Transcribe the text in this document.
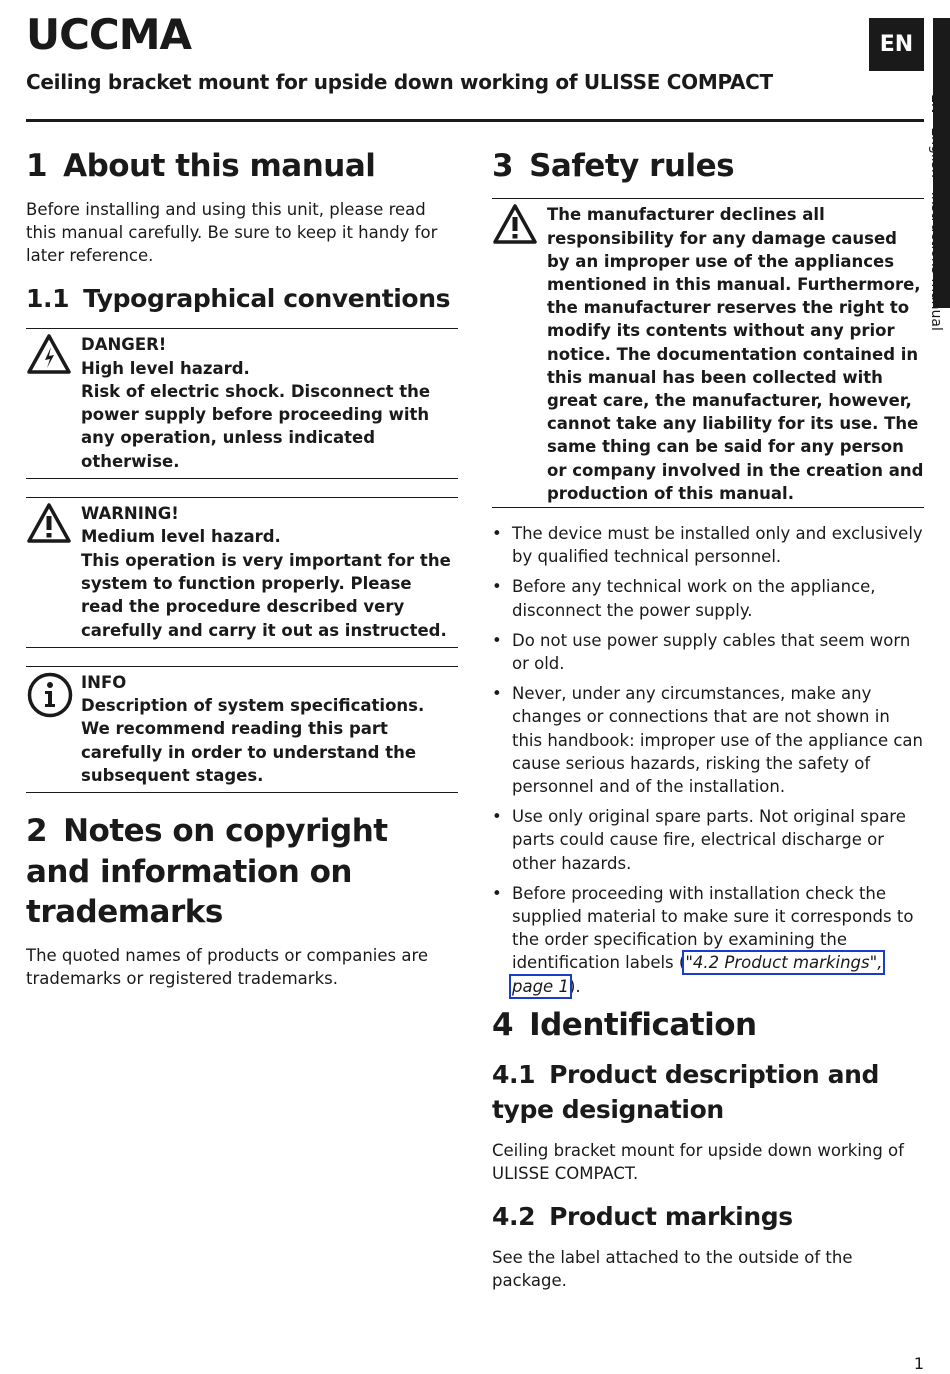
UCCMA
Ceiling bracket mount for upside down working of ULISSE COMPACT
EN
EN - English - Instructions manual
1 About this manual

Before installing and using this unit, please read this manual carefully. Be sure to keep it handy for later reference.

1.1 Typographical conventions
DANGER!
High level hazard.
Risk of electric shock. Disconnect the power supply before proceeding with any operation, unless indicated otherwise.
WARNING!
Medium level hazard.
This operation is very important for the system to function properly. Please read the procedure described very carefully and carry it out as instructed.
INFO
Description of system specifications.
We recommend reading this part carefully in order to understand the subsequent stages.
2 Notes on copyright and information on trademarks

The quoted names of products or companies are trademarks or registered trademarks.

3 Safety rules
The manufacturer declines all responsibility for any damage caused by an improper use of the appliances mentioned in this manual. Furthermore, the manufacturer reserves the right to modify its contents without any prior notice. The documentation contained in this manual has been collected with great care, the manufacturer, however, cannot take any liability for its use. The same thing can be said for any person or company involved in the creation and production of this manual.
• The device must be installed only and exclusively by qualified technical personnel.
• Before any technical work on the appliance, disconnect the power supply.
• Do not use power supply cables that seem worn or old.
• Never, under any circumstances, make any changes or connections that are not shown in this handbook: improper use of the appliance can cause serious hazards, risking the safety of personnel and of the installation.
• Use only original spare parts. Not original spare parts could cause fire, electrical discharge or other hazards.
• Before proceeding with installation check the supplied material to make sure it corresponds to the order specification by examining the identification labels ("4.2 Product markings", page 1).
4 Identification
4.1 Product description and type designation

Ceiling bracket mount for upside down working of ULISSE COMPACT.

4.2 Product markings

See the label attached to the outside of the package.

1
